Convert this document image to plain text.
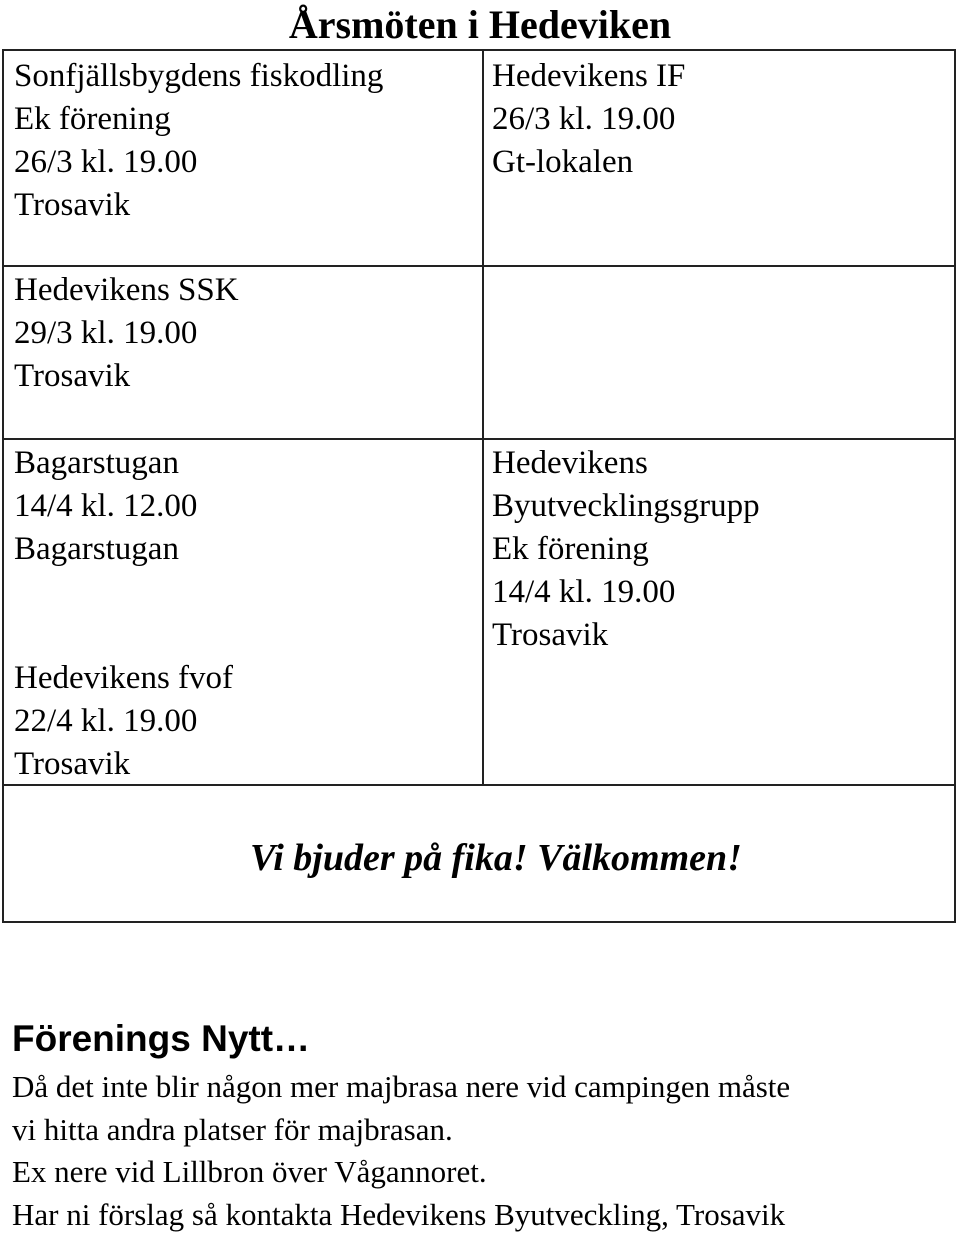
Årsmöten i Hedeviken
Sonfjällsbygdens fiskodling
Ek förening
26/3 kl. 19.00
Trosavik
Hedevikens SSK
29/3 kl. 19.00
Trosavik
Bagarstugan
14/4 kl. 12.00
Bagarstugan
Hedevikens fvof
22/4 kl. 19.00
Trosavik
Hedevikens IF
26/3 kl. 19.00
Gt-lokalen
Hedevikens
Byutvecklingsgrupp
Ek förening
14/4 kl. 19.00
Trosavik
Vi bjuder på fika! Välkommen!
Förenings Nytt…
Då det inte blir någon mer majbrasa nere vid campingen måste
vi hitta andra platser för majbrasan.
Ex nere vid Lillbron över Vågannoret.
Har ni förslag så kontakta Hedevikens Byutveckling, Trosavik
